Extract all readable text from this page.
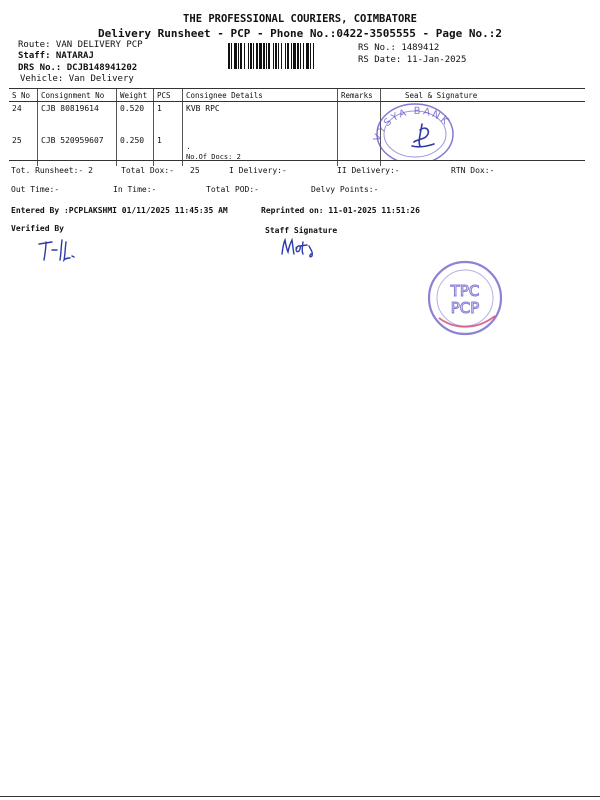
THE PROFESSIONAL COURIERS, COIMBATORE
Delivery Runsheet - PCP - Phone No.:0422-3505555 - Page No.:2
Route: VAN DELIVERY PCP
Staff: NATARAJ
DRS No.: DCJB148941202
Vehicle: Van Delivery
RS No.: 1489412
RS Date: 11-Jan-2025
S No	Consignment No	Weight	PCS	Consignee Details	Remarks	Seal & Signature
24	CJB 80819614	0.520	1	KVB RPC		
25	CJB 520959607	0.250	1	.
No.Of Docs: 2		

VYSYA BANK
Tot. Runsheet:- 2	Total Dox:- 25	I Delivery:-	II Delivery:-	RTN Dox:-
Out Time:-	In Time:-	Total POD:-	Delvy Points:-
Entered By :PCPLAKSHMI 01/11/2025 11:45:35 AM	Reprinted on: 11-01-2025 11:51:26
Verified By	Staff Signature
TPC PCP
